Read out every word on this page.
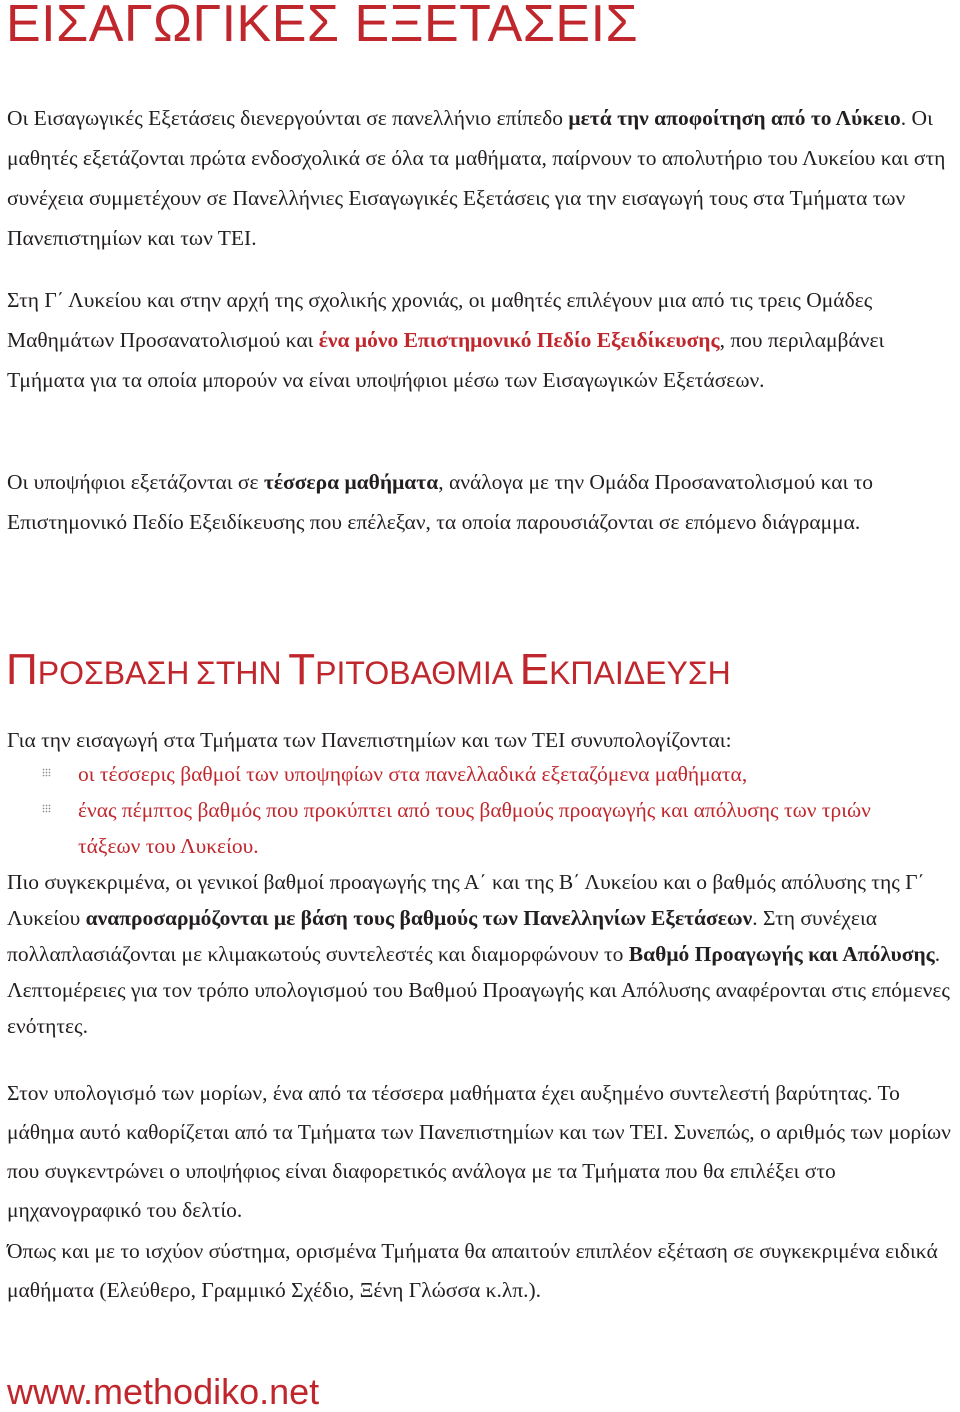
ΕΙΣΑΓΩΓΙΚΕΣ ΕΞΕΤΑΣΕΙΣ

Οι Εισαγωγικές Εξετάσεις διενεργούνται σε πανελλήνιο επίπεδο μετά την αποφοίτηση από το Λύκειο. Οι μαθητές εξετάζονται πρώτα ενδοσχολικά σε όλα τα μαθήματα, παίρνουν το απολυτήριο του Λυκείου και στη συνέχεια συμμετέχουν σε Πανελλήνιες Εισαγωγικές Εξετάσεις για την εισαγωγή τους στα Τμήματα των Πανεπιστημίων και των ΤΕΙ.

Στη Γ΄ Λυκείου και στην αρχή της σχολικής χρονιάς, οι μαθητές επιλέγουν μια από τις τρεις Ομάδες Μαθημάτων Προσανατολισμού και ένα μόνο Επιστημονικό Πεδίο Εξειδίκευσης, που περιλαμβάνει Τμήματα για τα οποία μπορούν να είναι υποψήφιοι μέσω των Εισαγωγικών Εξετάσεων.

Οι υποψήφιοι εξετάζονται σε τέσσερα μαθήματα, ανάλογα με την Ομάδα Προσανατολισμού και το Επιστημονικό Πεδίο Εξειδίκευσης που επέλεξαν, τα οποία παρουσιάζονται σε επόμενο διάγραμμα.

ΠΡΟΣΒΑΣΗ ΣΤΗΝ ΤΡΙΤΟΒΑΘΜΙΑ ΕΚΠΑΙΔΕΥΣΗ

Για την εισαγωγή στα Τμήματα των Πανεπιστημίων και των ΤΕΙ συνυπολογίζονται:

οι τέσσερις βαθμοί των υποψηφίων στα πανελλαδικά εξεταζόμενα μαθήματα,
ένας πέμπτος βαθμός που προκύπτει από τους βαθμούς προαγωγής και απόλυσης των τριών τάξεων του Λυκείου.

Πιο συγκεκριμένα, οι γενικοί βαθμοί προαγωγής της Α΄ και της Β΄ Λυκείου και ο βαθμός απόλυσης της Γ΄ Λυκείου αναπροσαρμόζονται με βάση τους βαθμούς των Πανελληνίων Εξετάσεων. Στη συνέχεια πολλαπλασιάζονται με κλιμακωτούς συντελεστές και διαμορφώνουν το Βαθμό Προαγωγής και Απόλυσης. Λεπτομέρειες για τον τρόπο υπολογισμού του Βαθμού Προαγωγής και Απόλυσης αναφέρονται στις επόμενες ενότητες.

Στον υπολογισμό των μορίων, ένα από τα τέσσερα μαθήματα έχει αυξημένο συντελεστή βαρύτητας. Το μάθημα αυτό καθορίζεται από τα Τμήματα των Πανεπιστημίων και των ΤΕΙ. Συνεπώς, ο αριθμός των μορίων που συγκεντρώνει ο υποψήφιος είναι διαφορετικός ανάλογα με τα Τμήματα που θα επιλέξει στο μηχανογραφικό του δελτίο.

Όπως και με το ισχύον σύστημα, ορισμένα Τμήματα θα απαιτούν επιπλέον εξέταση σε συγκεκριμένα ειδικά μαθήματα (Ελεύθερο, Γραμμικό Σχέδιο, Ξένη Γλώσσα κ.λπ.).

www.methodiko.net
